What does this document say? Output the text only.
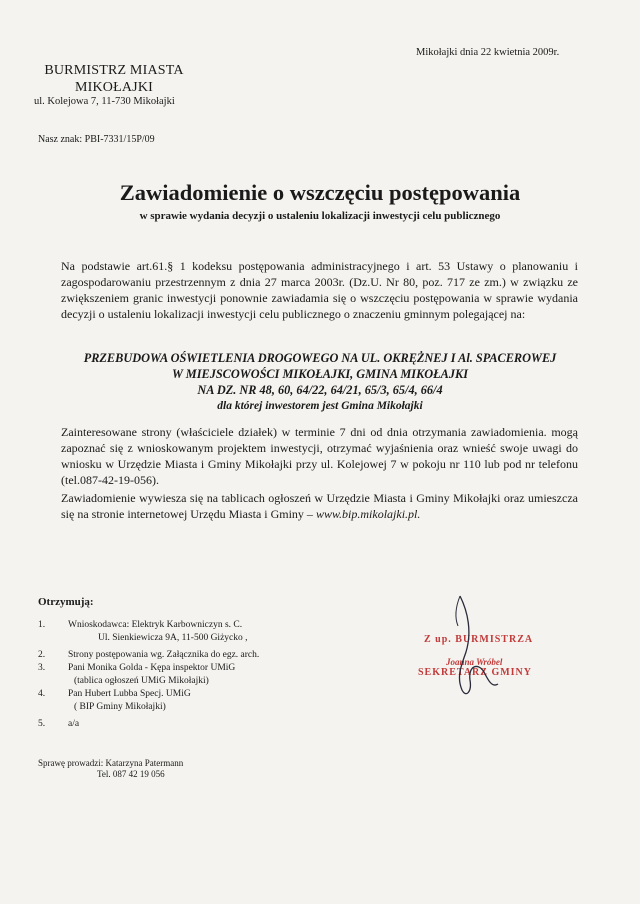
Mikołajki dnia 22 kwietnia 2009r.
BURMISTRZ MIASTA
MIKOŁAJKI
ul. Kolejowa 7, 11-730 Mikołajki
Nasz znak: PBI-7331/15P/09
Zawiadomienie o wszczęciu postępowania
w sprawie wydania decyzji o ustaleniu lokalizacji inwestycji celu publicznego
Na podstawie art.61.§ 1 kodeksu postępowania administracyjnego i art. 53 Ustawy o planowaniu i zagospodarowaniu przestrzennym z dnia 27 marca 2003r. (Dz.U. Nr 80, poz. 717 ze zm.) w związku ze zwiększeniem granic inwestycji ponownie zawiadamia się o wszczęciu postępowania w sprawie wydania decyzji o ustaleniu lokalizacji inwestycji celu publicznego o znaczeniu gminnym polegającej na:
PRZEBUDOWA OŚWIETLENIA DROGOWEGO NA UL. OKRĘŻNEJ I Al. SPACEROWEJ
W MIEJSCOWOŚCI MIKOŁAJKI, GMINA MIKOŁAJKI
NA DZ. NR 48, 60, 64/22, 64/21, 65/3, 65/4, 66/4
dla której inwestorem jest Gmina Mikołajki
Zainteresowane strony (właściciele działek) w terminie 7 dni od dnia otrzymania zawiadomienia. mogą zapoznać się z wnioskowanym projektem inwestycji, otrzymać wyjaśnienia oraz wnieść swoje uwagi do wniosku w Urzędzie Miasta i Gminy Mikołajki przy ul. Kolejowej 7 w pokoju nr 110 lub pod nr telefonu (tel.087-42-19-056).
Zawiadomienie wywiesza się na tablicach ogłoszeń w Urzędzie Miasta i Gminy Mikołajki oraz umieszcza się na stronie internetowej Urzędu Miasta i Gminy – www.bip.mikolajki.pl.
Otrzymują:
1.	Wnioskodawca: Elektryk Karbowniczyn s. C.
Ul. Sienkiewicza 9A, 11-500 Giżycko ,
2.	Strony postępowania wg. Załącznika do egz. arch.
3.	Pani Monika Golda - Kępa inspektor UMiG
(tablica ogłoszeń UMiG Mikołajki)
4.	Pan Hubert Lubba Specj. UMiG
( BIP Gminy Mikołajki)
5.	a/a
Z up. BURMISTRZA
Joanna Wróbel
SEKRETARZ GMINY
Sprawę prowadzi: Katarzyna Patermann
Tel. 087 42 19 056
